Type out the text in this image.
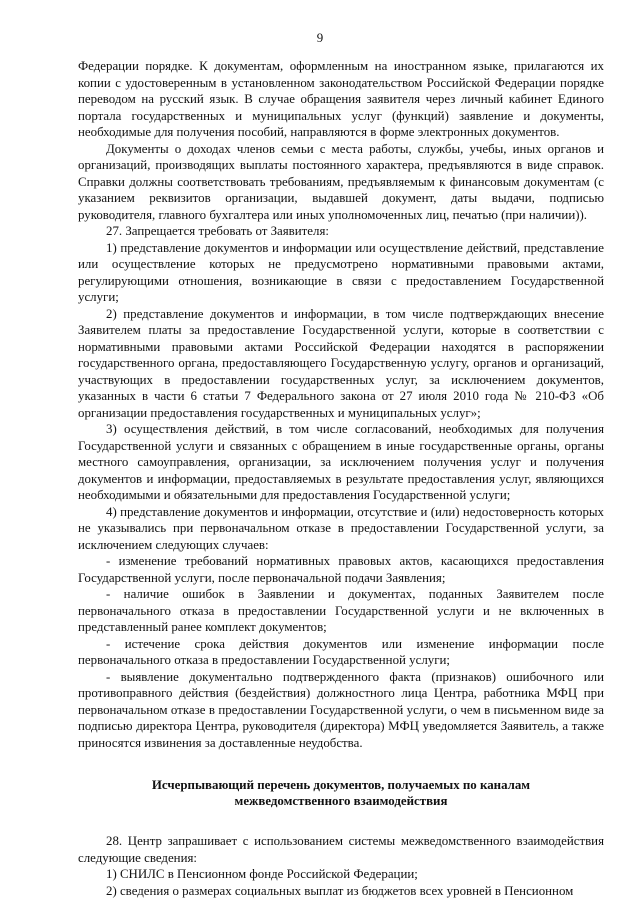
9

Федерации порядке. К документам, оформленным на иностранном языке, прилагаются их копии с удостоверенным в установленном законодательством Российской Федерации порядке переводом на русский язык. В случае обращения заявителя через личный кабинет Единого портала государственных и муниципальных услуг (функций) заявление и документы, необходимые для получения пособий, направляются в форме электронных документов.

Документы о доходах членов семьи с места работы, службы, учебы, иных органов и организаций, производящих выплаты постоянного характера, предъявляются в виде справок. Справки должны соответствовать требованиям, предъявляемым к финансовым документам (с указанием реквизитов организации, выдавшей документ, даты выдачи, подписью руководителя, главного бухгалтера или иных уполномоченных лиц, печатью (при наличии)).

27. Запрещается требовать от Заявителя:

1) представление документов и информации или осуществление действий, представление или осуществление которых не предусмотрено нормативными правовыми актами, регулирующими отношения, возникающие в связи с предоставлением Государственной услуги;

2) представление документов и информации, в том числе подтверждающих внесение Заявителем платы за предоставление Государственной услуги, которые в соответствии с нормативными правовыми актами Российской Федерации находятся в распоряжении государственного органа, предоставляющего Государственную услугу, органов и организаций, участвующих в предоставлении государственных услуг, за исключением документов, указанных в части 6 статьи 7 Федерального закона от 27 июля 2010 года № 210-ФЗ «Об организации предоставления государственных и муниципальных услуг»;

3) осуществления действий, в том числе согласований, необходимых для получения Государственной услуги и связанных с обращением в иные государственные органы, органы местного самоуправления, организации, за исключением получения услуг и получения документов и информации, предоставляемых в результате предоставления услуг, являющихся необходимыми и обязательными для предоставления Государственной услуги;

4) представление документов и информации, отсутствие и (или) недостоверность которых не указывались при первоначальном отказе в предоставлении Государственной услуги, за исключением следующих случаев:

- изменение требований нормативных правовых актов, касающихся предоставления Государственной услуги, после первоначальной подачи Заявления;

- наличие ошибок в Заявлении и документах, поданных Заявителем после первоначального отказа в предоставлении Государственной услуги и не включенных в представленный ранее комплект документов;

- истечение срока действия документов или изменение информации после первоначального отказа в предоставлении Государственной услуги;

- выявление документально подтвержденного факта (признаков) ошибочного или противоправного действия (бездействия) должностного лица Центра, работника МФЦ при первоначальном отказе в предоставлении Государственной услуги, о чем в письменном виде за подписью директора Центра, руководителя (директора) МФЦ уведомляется Заявитель, а также приносятся извинения за доставленные неудобства.

Исчерпывающий перечень документов, получаемых по каналам межведомственного взаимодействия

28. Центр запрашивает с использованием системы межведомственного взаимодействия следующие сведения:

1) СНИЛС в Пенсионном фонде Российской Федерации;

2) сведения о размерах социальных выплат из бюджетов всех уровней в Пенсионном
